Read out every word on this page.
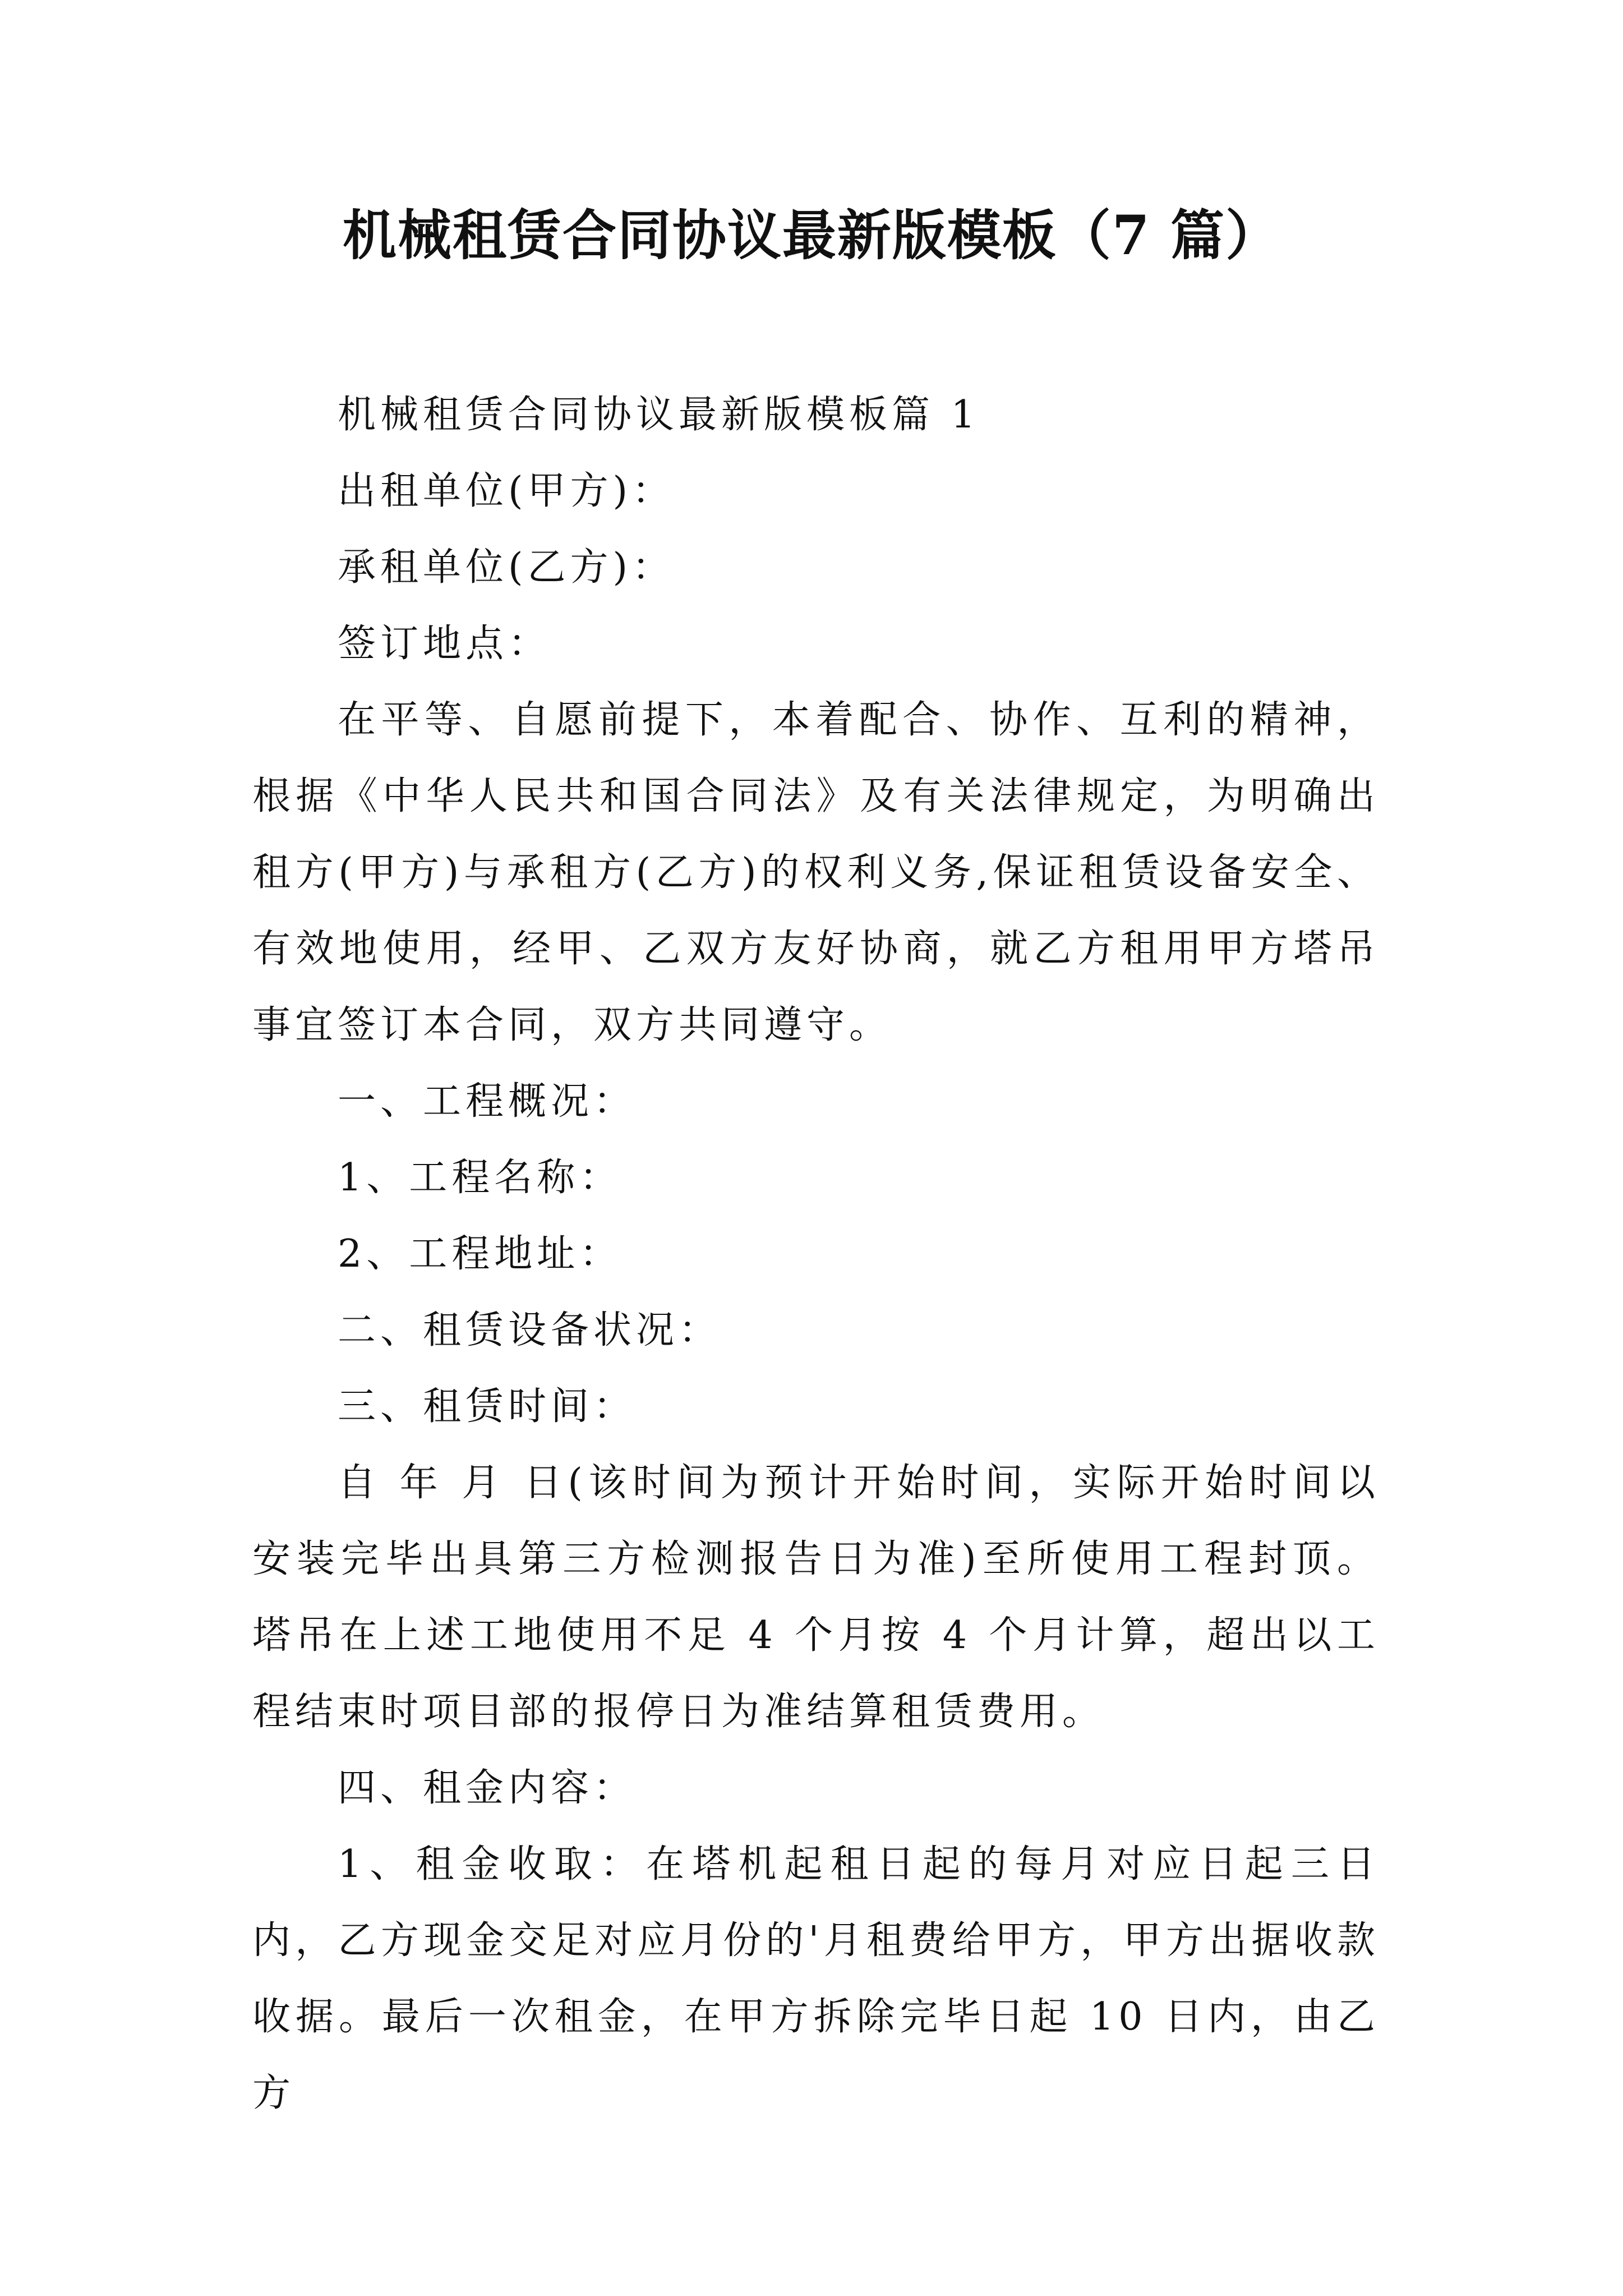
机械租赁合同协议最新版模板（7 篇）

机械租赁合同协议最新版模板篇 1

出租单位(甲方)：

承租单位(乙方)：

签订地点：

在平等、自愿前提下，本着配合、协作、互利的精神，根据《中华人民共和国合同法》及有关法律规定，为明确出租方(甲方)与承租方(乙方)的权利义务,保证租赁设备安全、有效地使用，经甲、乙双方友好协商，就乙方租用甲方塔吊事宜签订本合同，双方共同遵守。

一、工程概况：

1、工程名称：

2、工程地址：

二、租赁设备状况：

三、租赁时间：

自 年 月 日(该时间为预计开始时间，实际开始时间以安装完毕出具第三方检测报告日为准)至所使用工程封顶。塔吊在上述工地使用不足 4 个月按 4 个月计算，超出以工程结束时项目部的报停日为准结算租赁费用。

四、租金内容：

1、租金收取：在塔机起租日起的每月对应日起三日内，乙方现金交足对应月份的'月租费给甲方，甲方出据收款收据。最后一次租金，在甲方拆除完毕日起 10 日内，由乙方
